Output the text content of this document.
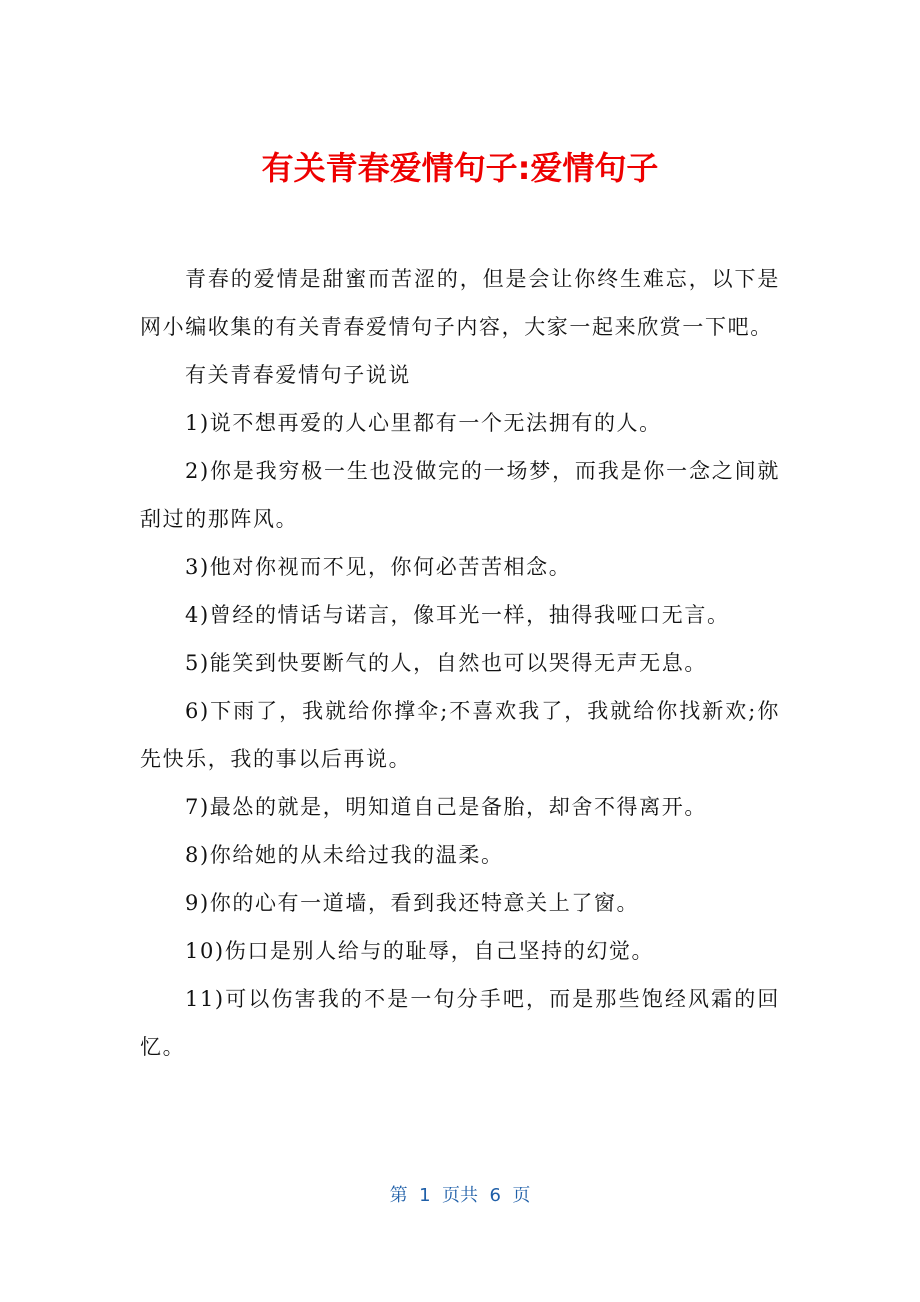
有关青春爱情句子:爱情句子

青春的爱情是甜蜜而苦涩的，但是会让你终生难忘，以下是网小编收集的有关青春爱情句子内容，大家一起来欣赏一下吧。

有关青春爱情句子说说

1)说不想再爱的人心里都有一个无法拥有的人。

2)你是我穷极一生也没做完的一场梦，而我是你一念之间就刮过的那阵风。

3)他对你视而不见，你何必苦苦相念。

4)曾经的情话与诺言，像耳光一样，抽得我哑口无言。

5)能笑到快要断气的人，自然也可以哭得无声无息。

6)下雨了，我就给你撑伞;不喜欢我了，我就给你找新欢;你先快乐，我的事以后再说。

7)最怂的就是，明知道自己是备胎，却舍不得离开。

8)你给她的从未给过我的温柔。

9)你的心有一道墙，看到我还特意关上了窗。

10)伤口是别人给与的耻辱，自己坚持的幻觉。

11)可以伤害我的不是一句分手吧，而是那些饱经风霜的回忆。

第  1  页共  6  页
